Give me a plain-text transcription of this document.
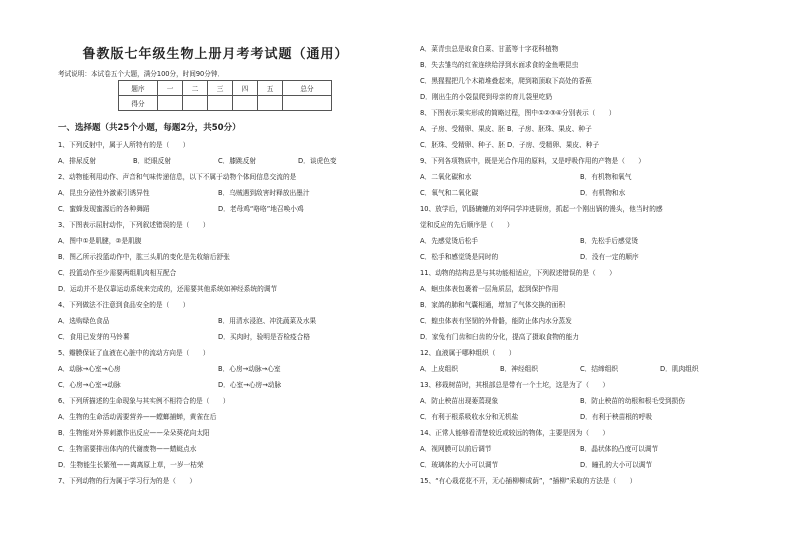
鲁教版七年级生物上册月考考试题（通用）
考试说明：本试卷五个大题，满分100分，时间90分钟．
题序	一	二	三	四	五	总分
得分						
一、选择题（共25个小题，每题2分，共50分）
1、下列反射中，属于人所特有的是（　　）
A．排尿反射	B．眨眼反射	C．膝跳反射	D．谈虎色变
2、动物能利用动作、声音和气味传递信息，以下不属于动物个体间信息交流的是
A．昆虫分泌性外激素引诱异性	B．乌贼遇到敌害时释放出墨汁
C．蜜蜂发现蜜源后的各种舞蹈	D．老母鸡“咯咯”地召唤小鸡
3、下图表示屈肘动作，下列叙述错误的是（　　）
A．图中①是肌腱，②是肌腹
B．图乙所示投篮动作中，肱三头肌的变化是先收缩后舒张
C．投篮动作至少需要两组肌肉相互配合
D．运动并不是仅靠运动系统来完成的，还需要其他系统如神经系统的调节
4、下列做法不注意到食品安全的是（　　）
A．选购绿色食品	B．用清水浸泡、冲洗蔬菜及水果
C．食用已发芽的马铃薯	D．买肉时，验明是否检疫合格
5、瓣膜保证了血液在心脏中的流动方向是（　　）
A．动脉→心室→心房	B．心房→动脉→心室
C．心房→心室→动脉	D．心室→心房→动脉
6、下列所描述的生命现象与其实例不相符合的是（　　）
A．生物的生命活动需要营养——螳螂捕蝉，黄雀在后
B．生物能对外界刺激作出反应——朵朵葵花向太阳
C．生物需要排出体内的代谢废物——蜻蜓点水
D．生物能生长繁殖——离离原上草，一岁一枯荣
7、下列动物的行为属于学习行为的是（　　）
A．菜青虫总是取食白菜、甘蓝等十字花科植物
B．失去雏鸟的红雀连续给浮到水面求食的金鱼喂昆虫
C．黑猩猩把几个木箱堆叠起来，爬到箱顶取下高处的香蕉
D．刚出生的小袋鼠爬到母亲的育儿袋里吃奶
8、下图表示果实形成的简略过程，图中①②③④分别表示（　　）
A．子房、受精卵、果皮、胚 B．子房、胚珠、果皮、种子
C．胚珠、受精卵、种子、胚 D．子房、受精卵、果皮、种子
9、下列各项物质中，既是光合作用的原料，又是呼吸作用的产物是（　　）
A．二氧化碳和水	B．有机物和氧气
C．氧气和二氧化碳	D．有机物和水
10、放学后，饥肠辘辘的刘华同学冲进厨房，抓起一个刚出锅的馒头，他当时的感
觉和反应的先后顺序是（　　）
A．先感觉烫后松手	B．先松手后感觉烫
C．松手和感觉烫是同时的	D．没有一定的顺序
11、动物的结构总是与其功能相适应，下列叙述错误的是（　　）
A．蛔虫体表包裹着一层角质层，起到保护作用
B．家鸽的肺和气囊相通，增加了气体交换的面积
C．蝗虫体表有坚韧的外骨骼，能防止体内水分蒸发
D．家兔有门齿和臼齿的分化，提高了摄取食物的能力
12、血液属于哪种组织（　　）
A．上皮组织	B．神经组织	C．结缔组织	D．肌肉组织
13、移栽树苗时，其根部总是带有一个土坨，这是为了（　　）
A．防止秧苗出现萎蔫现象	B．防止秧苗的幼根和根毛受到损伤
C．有利于根系吸收水分和无机盐	D．有利于秧苗根的呼吸
14、正常人能够看清楚较近或较远的物体，主要是因为（　　）
A．视网膜可以前后调节	B．晶状体的凸度可以调节
C．玻璃体的大小可以调节	D．瞳孔的大小可以调节
15、“有心栽花花不开，无心插柳柳成荫”，“插柳”采取的方法是（　　）
